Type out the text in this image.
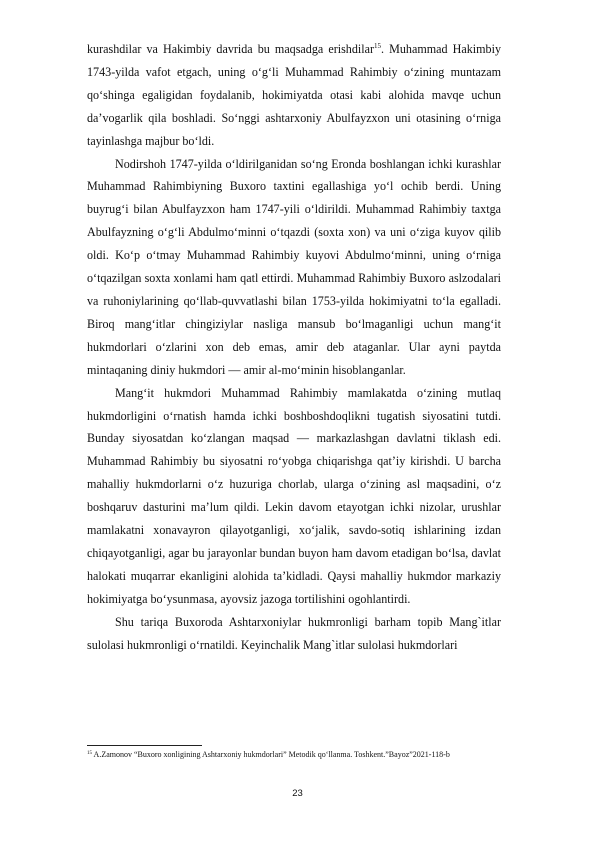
kurashdilar va Hakimbiy davrida bu maqsadga erishdilar$^{15}$. Muhammad Hakimbiy 1743-yilda vafot etgach, uning o‘g‘li Muhammad Rahimbiy o‘zining muntazam qo‘shinga egaligidan foydalanib, hokimiyatda otasi kabi alohida mavqe uchun da’vogarlik qila boshladi. So‘nggi ashtarxoniy Abulfayzxon uni otasining o‘rniga tayinlashga majbur bo‘ldi.

Nodirshoh 1747-yilda o‘ldirilganidan so‘ng Eronda boshlangan ichki kurashlar Muhammad Rahimbiyning Buxoro taxtini egallashiga yo‘l ochib berdi. Uning buyrug‘i bilan Abulfayzxon ham 1747-yili o‘ldirildi. Muhammad Rahimbiy taxtga Abulfayzning o‘g‘li Abdulmo‘minni o‘tqazdi (soxta xon) va uni o‘ziga kuyov qilib oldi. Ko‘p o‘tmay Muhammad Rahimbiy kuyovi Abdulmo‘minni, uning o‘rniga o‘tqazilgan soxta xonlami ham qatl ettirdi. Muhammad Rahimbiy Buxoro aslzodalari va ruhoniylarining qo‘llab-quvvatlashi bilan 1753-yilda hokimiyatni to‘la egalladi. Biroq mang‘itlar chingiziylar nasliga mansub bo‘lmaganligi uchun mang‘it hukmdorlari o‘zlarini xon deb emas, amir deb ataganlar. Ular ayni paytda mintaqaning diniy hukmdori — amir al-mo‘minin hisoblanganlar.

Mang‘it hukmdori Muhammad Rahimbiy mamlakatda o‘zining mutlaq hukmdorligini o‘rnatish hamda ichki boshboshdoqlikni tugatish siyosatini tutdi. Bunday siyosatdan ko‘zlangan maqsad — markazlashgan davlatni tiklash edi. Muhammad Rahimbiy bu siyosatni ro‘yobga chiqarishga qat’iy kirishdi. U barcha mahalliy hukmdorlarni o‘z huzuriga chorlab, ularga o‘zining asl maqsadini, o‘z boshqaruv dasturini ma’lum qildi. Lekin davom etayotgan ichki nizolar, urushlar mamlakatni xonavayron qilayotganligi, xo‘jalik, savdo-sotiq ishlarining izdan chiqayotganligi, agar bu jarayonlar bundan buyon ham davom etadigan bo‘lsa, davlat halokati muqarrar ekanligini alohida ta’kidladi. Qaysi mahalliy hukmdor markaziy hokimiyatga bo‘ysunmasa, ayovsiz jazoga tortilishini ogohlantirdi.

Shu tariqa Buxoroda Ashtarxoniylar hukmronligi barham topib Mang`itlar sulolasi hukmronligi o‘rnatildi. Keyinchalik Mang`itlar sulolasi hukmdorlari

$^{15}$ A.Zamonov “Buxoro xonligining Ashtarxoniy hukmdorlari” Metodik qo‘llanma. Toshkent.”Bayoz”2021-118-b
23
